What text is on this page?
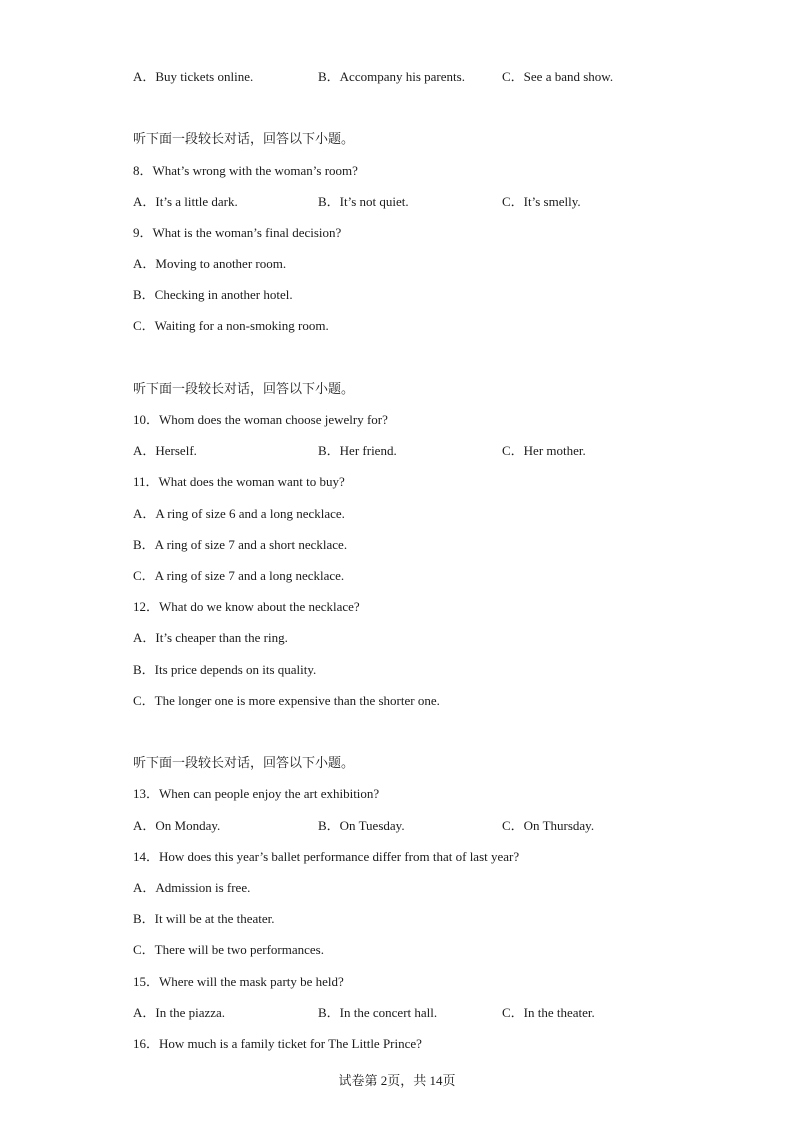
A．Buy tickets online.	B．Accompany his parents.	C．See a band show.
听下面一段较长对话，回答以下小题。
8．What’s wrong with the woman’s room?
A．It’s a little dark.	B．It’s not quiet.	C．It’s smelly.
9．What is the woman’s final decision?
A．Moving to another room.
B．Checking in another hotel.
C．Waiting for a non-smoking room.
听下面一段较长对话，回答以下小题。
10．Whom does the woman choose jewelry for?
A．Herself.	B．Her friend.	C．Her mother.
11．What does the woman want to buy?
A．A ring of size 6 and a long necklace.
B．A ring of size 7 and a short necklace.
C．A ring of size 7 and a long necklace.
12．What do we know about the necklace?
A．It’s cheaper than the ring.
B．Its price depends on its quality.
C．The longer one is more expensive than the shorter one.
听下面一段较长对话，回答以下小题。
13．When can people enjoy the art exhibition?
A．On Monday.	B．On Tuesday.	C．On Thursday.
14．How does this year’s ballet performance differ from that of last year?
A．Admission is free.
B．It will be at the theater.
C．There will be two performances.
15．Where will the mask party be held?
A．In the piazza.	B．In the concert hall.	C．In the theater.
16．How much is a family ticket for The Little Prince?
试卷第 2页，共 14页
